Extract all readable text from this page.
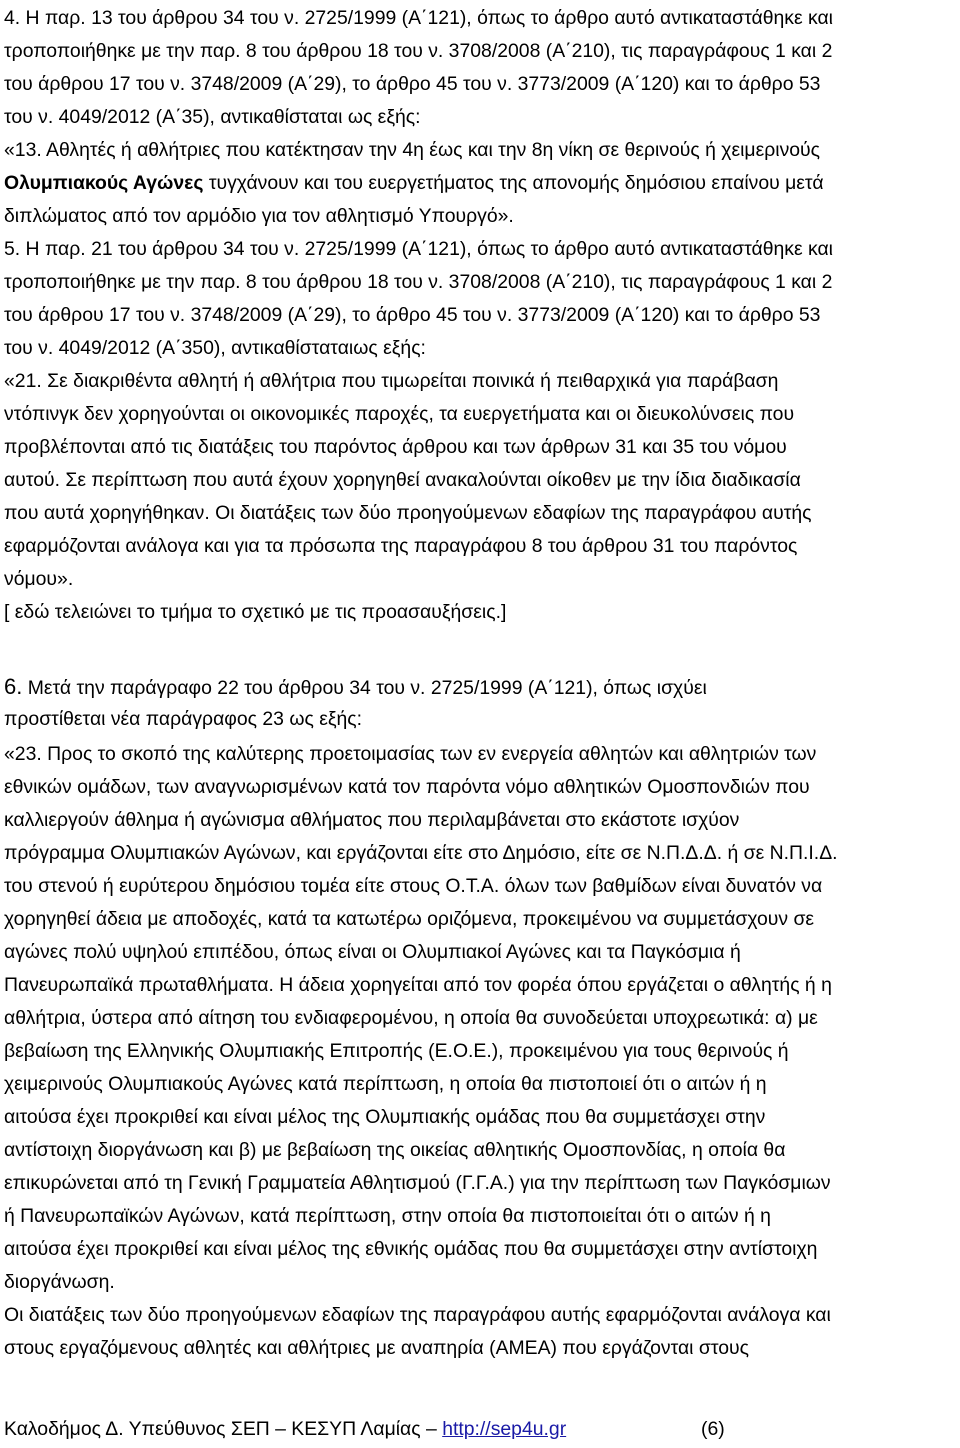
4. Η παρ. 13 του άρθρου 34 του ν. 2725/1999 (Α΄121), όπως το άρθρο αυτό αντικαταστάθηκε και
τροποποιήθηκε με την παρ. 8 του άρθρου 18 του ν. 3708/2008 (Α΄210), τις παραγράφους 1 και 2
του άρθρου 17 του ν. 3748/2009 (Α΄29), το άρθρο 45 του ν. 3773/2009 (Α΄120) και το άρθρο 53
του ν. 4049/2012 (Α΄35), αντικαθίσταται ως εξής:
«13. Αθλητές ή αθλήτριες που κατέκτησαν την 4η έως και την 8η νίκη σε θερινούς ή χειμερινούς
Ολυμπιακούς Αγώνες τυγχάνουν και του ευεργετήματος της απονομής δημόσιου επαίνου μετά
διπλώματος από τον αρμόδιο για τον αθλητισμό Υπουργό».
5. Η παρ. 21 του άρθρου 34 του ν. 2725/1999 (Α΄121), όπως το άρθρο αυτό αντικαταστάθηκε και
τροποποιήθηκε με την παρ. 8 του άρθρου 18 του ν. 3708/2008 (Α΄210), τις παραγράφους 1 και 2
του άρθρου 17 του ν. 3748/2009 (Α΄29), το άρθρο 45 του ν. 3773/2009 (Α΄120) και το άρθρο 53
του ν. 4049/2012 (Α΄350), αντικαθίσταταιως εξής:
«21. Σε διακριθέντα αθλητή ή αθλήτρια που τιμωρείται ποινικά ή πειθαρχικά για παράβαση
ντόπινγκ δεν χορηγούνται οι οικονομικές παροχές, τα ευεργετήματα και οι διευκολύνσεις που
προβλέπονται από τις διατάξεις του παρόντος άρθρου και των άρθρων 31 και 35 του νόμου
αυτού. Σε περίπτωση που αυτά έχουν χορηγηθεί ανακαλούνται οίκοθεν με την ίδια διαδικασία
που αυτά χορηγήθηκαν. Οι διατάξεις των δύο προηγούμενων εδαφίων της παραγράφου αυτής
εφαρμόζονται ανάλογα και για τα πρόσωπα της παραγράφου 8 του άρθρου 31 του παρόντος
νόμου».
[ εδώ τελειώνει το τμήμα το σχετικό με τις προασαυξήσεις.]
6. Μετά την παράγραφο 22 του άρθρου 34 του ν. 2725/1999 (Α΄121), όπως ισχύει
προστίθεται νέα παράγραφος 23 ως εξής:
«23. Προς το σκοπό της καλύτερης προετοιμασίας των εν ενεργεία αθλητών και αθλητριών των
εθνικών ομάδων, των αναγνωρισμένων κατά τον παρόντα νόμο αθλητικών Ομοσπονδιών που
καλλιεργούν άθλημα ή αγώνισμα αθλήματος που περιλαμβάνεται στο εκάστοτε ισχύον
πρόγραμμα Ολυμπιακών Αγώνων, και εργάζονται είτε στο Δημόσιο, είτε σε Ν.Π.Δ.Δ. ή σε Ν.Π.Ι.Δ.
του στενού ή ευρύτερου δημόσιου τομέα είτε στους Ο.Τ.Α. όλων των βαθμίδων είναι δυνατόν να
χορηγηθεί άδεια με αποδοχές, κατά τα κατωτέρω οριζόμενα, προκειμένου να συμμετάσχουν σε
αγώνες πολύ υψηλού επιπέδου, όπως είναι οι Ολυμπιακοί Αγώνες και τα Παγκόσμια ή
Πανευρωπαϊκά πρωταθλήματα. Η άδεια χορηγείται από τον φορέα όπου εργάζεται ο αθλητής ή η
αθλήτρια, ύστερα από αίτηση του ενδιαφερομένου, η οποία θα συνοδεύεται υποχρεωτικά: α) με
βεβαίωση της Ελληνικής Ολυμπιακής Επιτροπής (Ε.Ο.Ε.), προκειμένου για τους θερινούς ή
χειμερινούς Ολυμπιακούς Αγώνες κατά περίπτωση, η οποία θα πιστοποιεί ότι ο αιτών ή η
αιτούσα έχει προκριθεί και είναι μέλος της Ολυμπιακής ομάδας που θα συμμετάσχει στην
αντίστοιχη διοργάνωση και β) με βεβαίωση της οικείας αθλητικής Ομοσπονδίας, η οποία θα
επικυρώνεται από τη Γενική Γραμματεία Αθλητισμού (Γ.Γ.Α.) για την περίπτωση των Παγκόσμιων
ή Πανευρωπαϊκών Αγώνων, κατά περίπτωση, στην οποία θα πιστοποιείται ότι ο αιτών ή η
αιτούσα έχει προκριθεί και είναι μέλος της εθνικής ομάδας που θα συμμετάσχει στην αντίστοιχη
διοργάνωση.
Οι διατάξεις των δύο προηγούμενων εδαφίων της παραγράφου αυτής εφαρμόζονται ανάλογα και
στους εργαζόμενους αθλητές και αθλήτριες με αναπηρία (ΑΜΕΑ) που εργάζονται στους
Καλοδήμος Δ. Υπεύθυνος ΣΕΠ – ΚΕΣΥΠ Λαμίας – http://sep4u.gr	(6)
